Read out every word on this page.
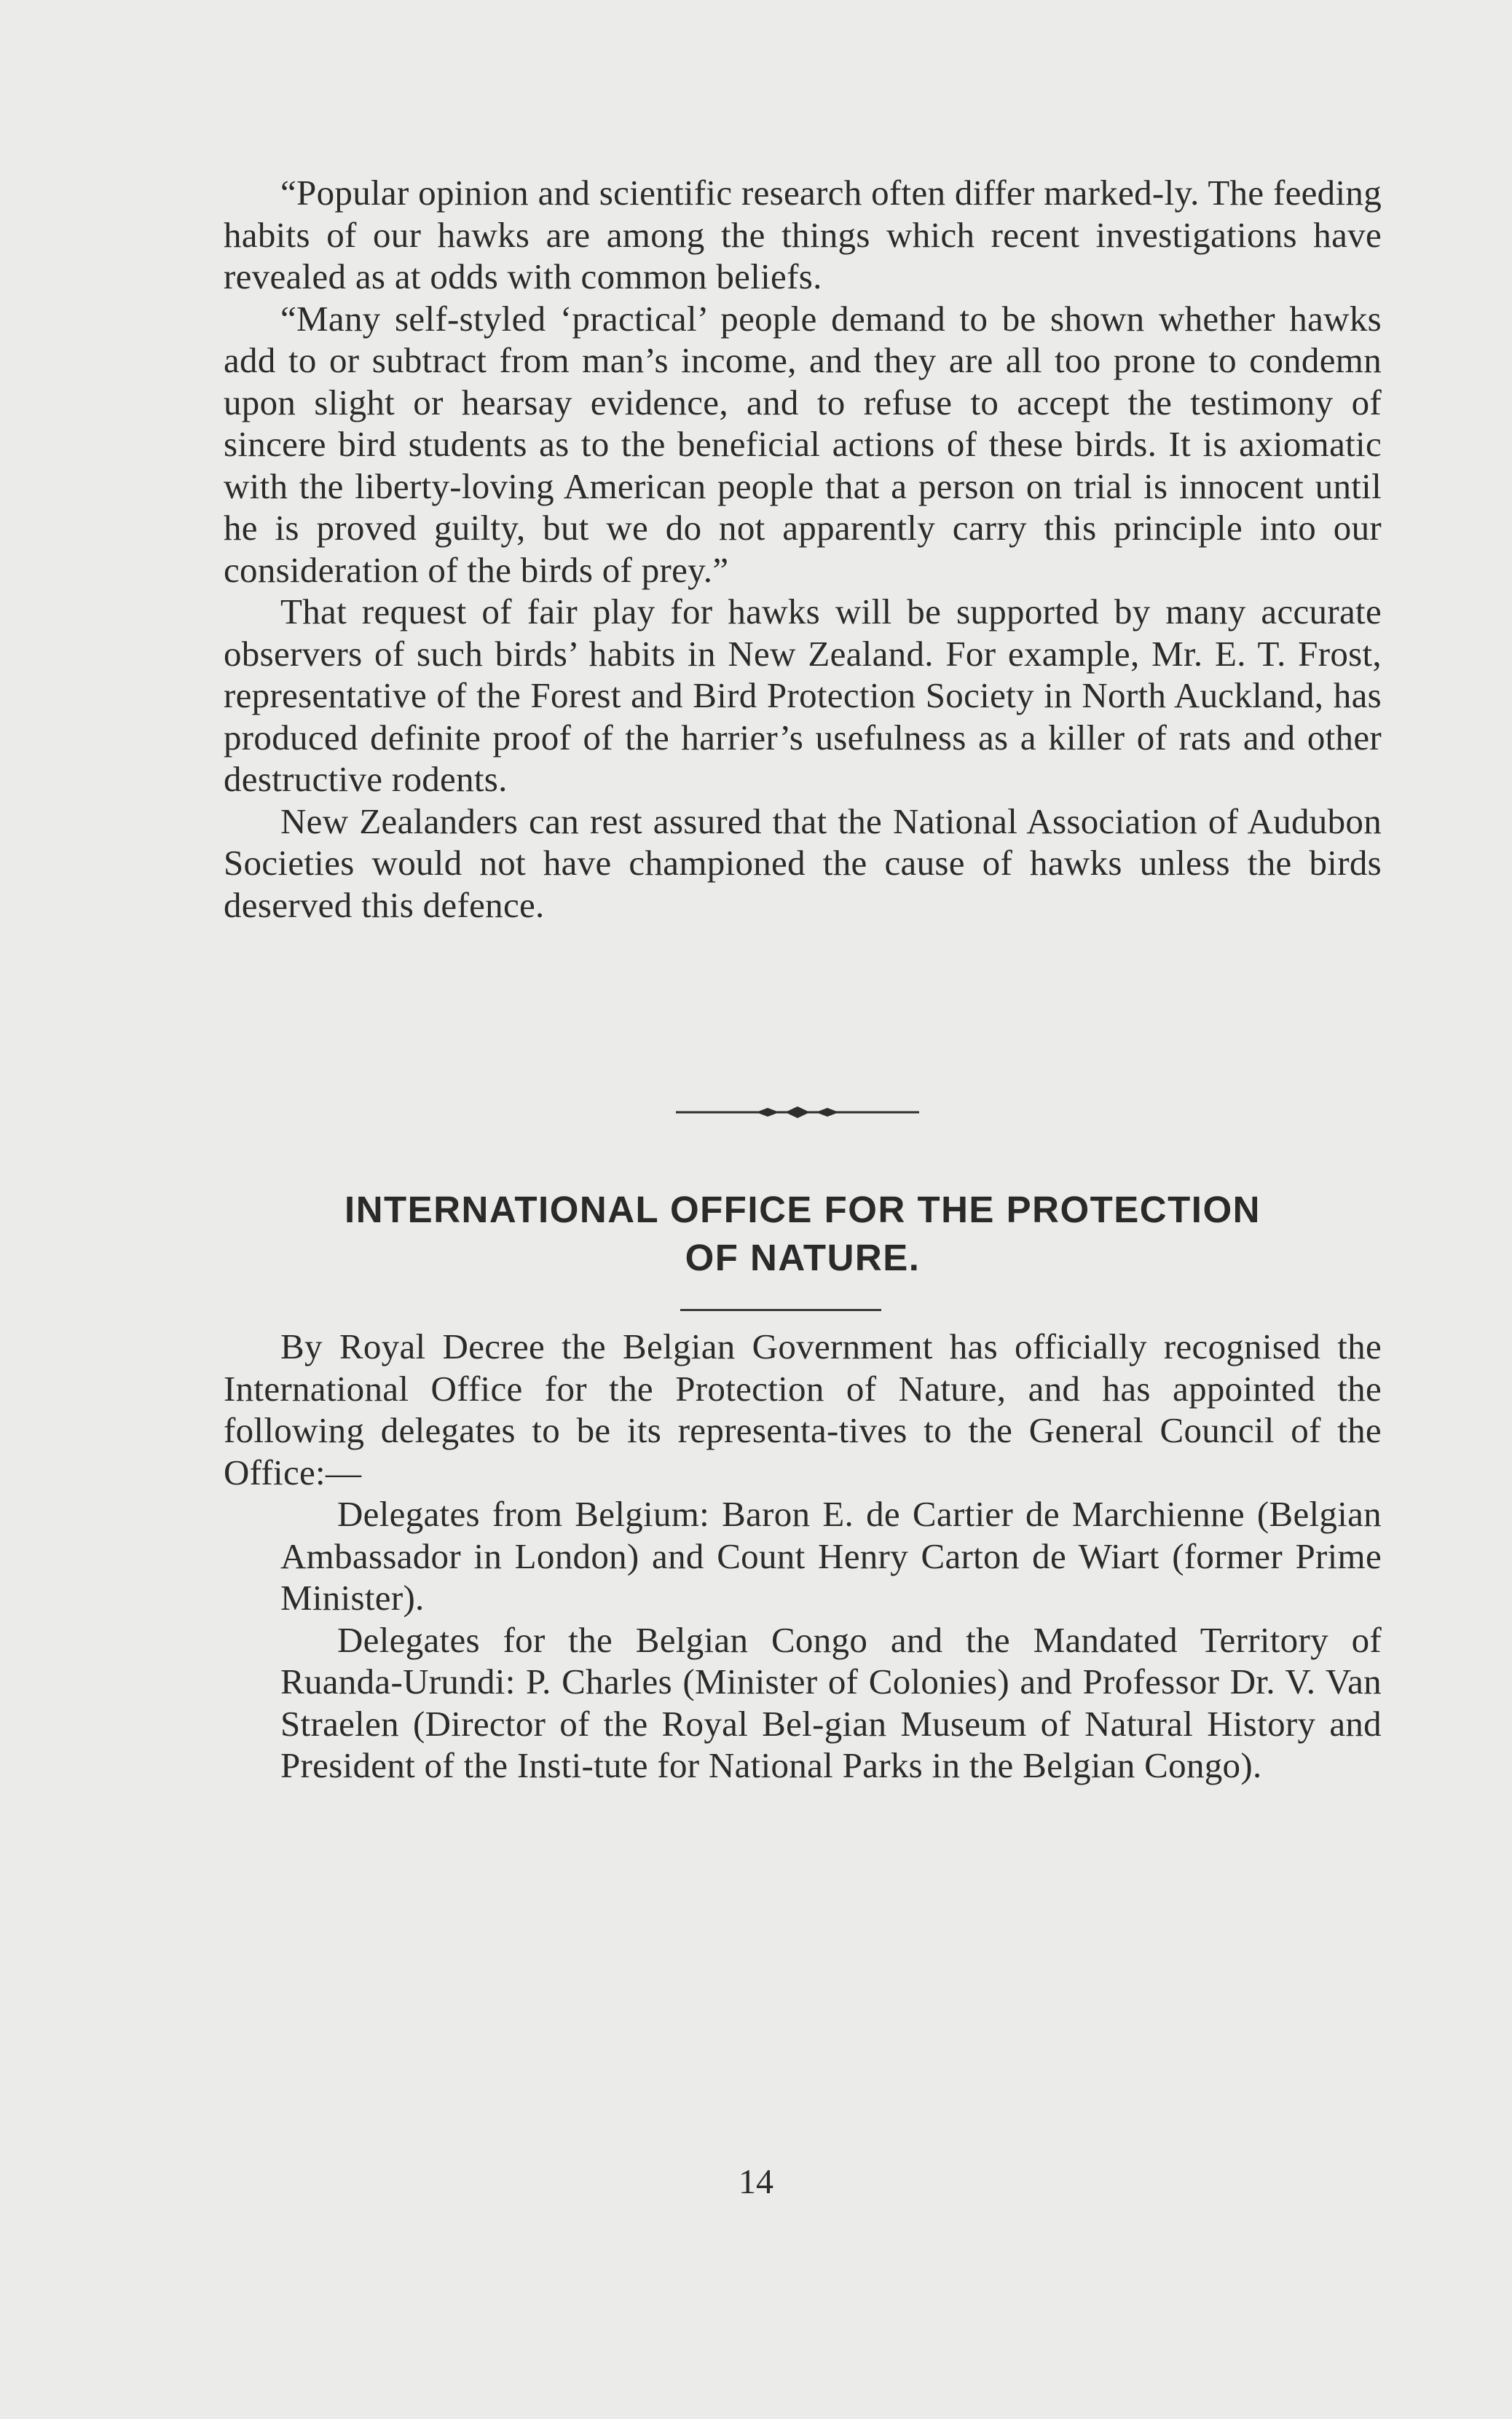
“Popular opinion and scientific research often differ marked-ly. The feeding habits of our hawks are among the things which recent investigations have revealed as at odds with common beliefs.

“Many self-styled ‘practical’ people demand to be shown whether hawks add to or subtract from man’s income, and they are all too prone to condemn upon slight or hearsay evidence, and to refuse to accept the testimony of sincere bird students as to the beneficial actions of these birds. It is axiomatic with the liberty-loving American people that a person on trial is innocent until he is proved guilty, but we do not apparently carry this principle into our consideration of the birds of prey.”

That request of fair play for hawks will be supported by many accurate observers of such birds’ habits in New Zealand. For example, Mr. E. T. Frost, representative of the Forest and Bird Protection Society in North Auckland, has produced definite proof of the harrier’s usefulness as a killer of rats and other destructive rodents.

New Zealanders can rest assured that the National Association of Audubon Societies would not have championed the cause of hawks unless the birds deserved this defence.

INTERNATIONAL OFFICE FOR THE PROTECTION
OF NATURE.

By Royal Decree the Belgian Government has officially recognised the International Office for the Protection of Nature, and has appointed the following delegates to be its representa-tives to the General Council of the Office:—

Delegates from Belgium: Baron E. de Cartier de Marchienne (Belgian Ambassador in London) and Count Henry Carton de Wiart (former Prime Minister).

Delegates for the Belgian Congo and the Mandated Territory of Ruanda-Urundi: P. Charles (Minister of Colonies) and Professor Dr. V. Van Straelen (Director of the Royal Bel-gian Museum of Natural History and President of the Insti-tute for National Parks in the Belgian Congo).

14
